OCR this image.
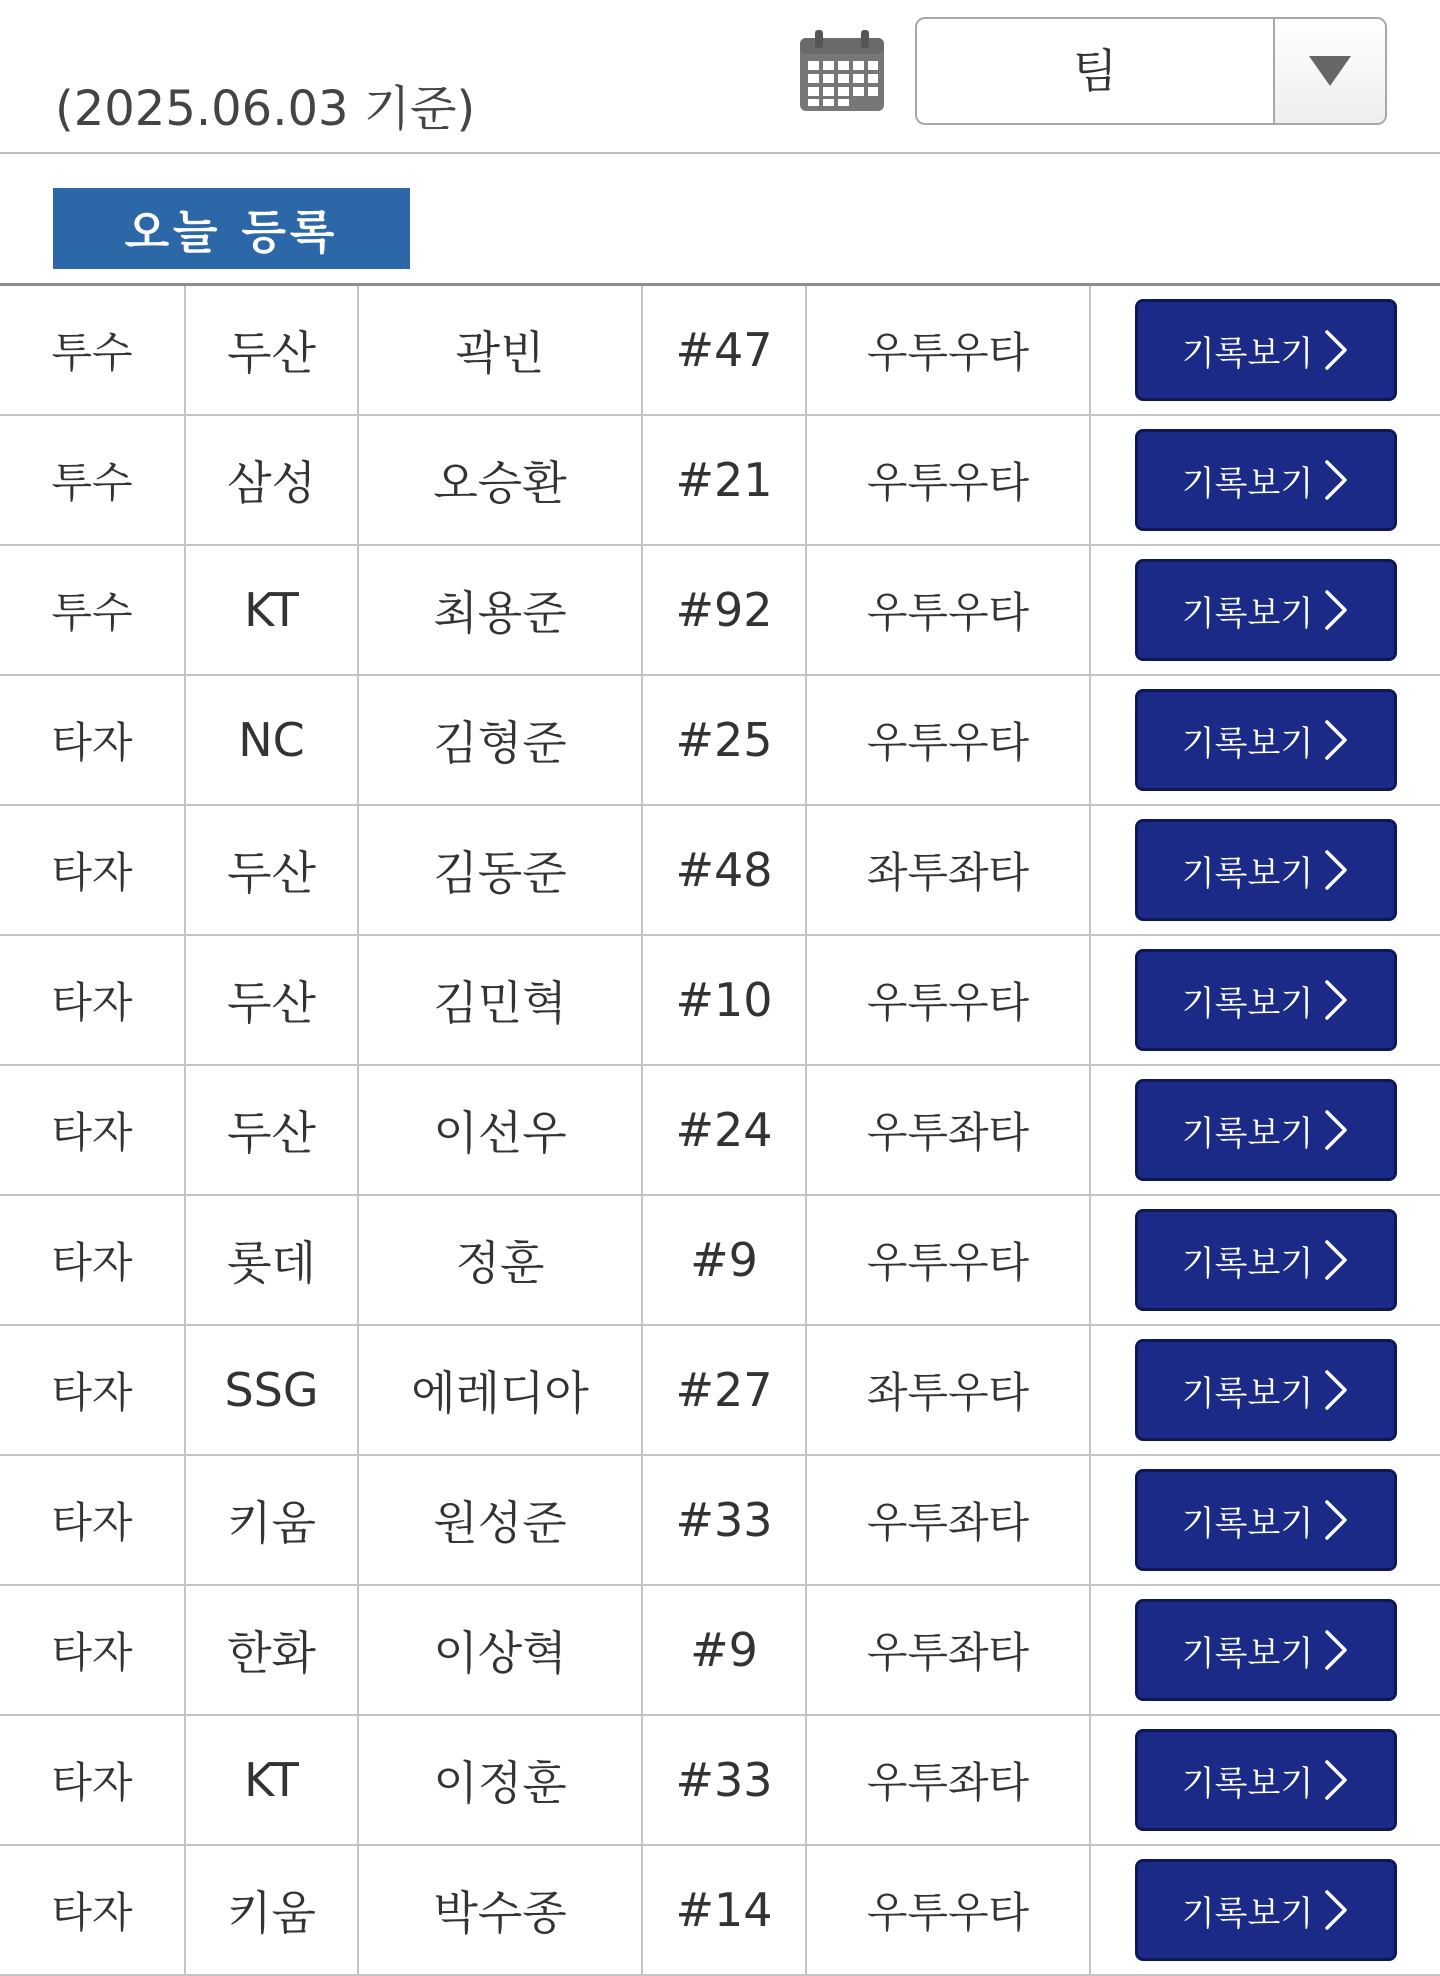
(2025.06.03 기준)
팀
오늘 등록
투수	두산	곽빈	#47	우투우타	기록보기

투수	삼성	오승환	#21	우투우타	기록보기

투수	KT	최용준	#92	우투우타	기록보기

타자	NC	김형준	#25	우투우타	기록보기

타자	두산	김동준	#48	좌투좌타	기록보기

타자	두산	김민혁	#10	우투우타	기록보기

타자	두산	이선우	#24	우투좌타	기록보기

타자	롯데	정훈	#9	우투우타	기록보기

타자	SSG	에레디아	#27	좌투우타	기록보기

타자	키움	원성준	#33	우투좌타	기록보기

타자	한화	이상혁	#9	우투좌타	기록보기

타자	KT	이정훈	#33	우투좌타	기록보기

타자	키움	박수종	#14	우투우타	기록보기
